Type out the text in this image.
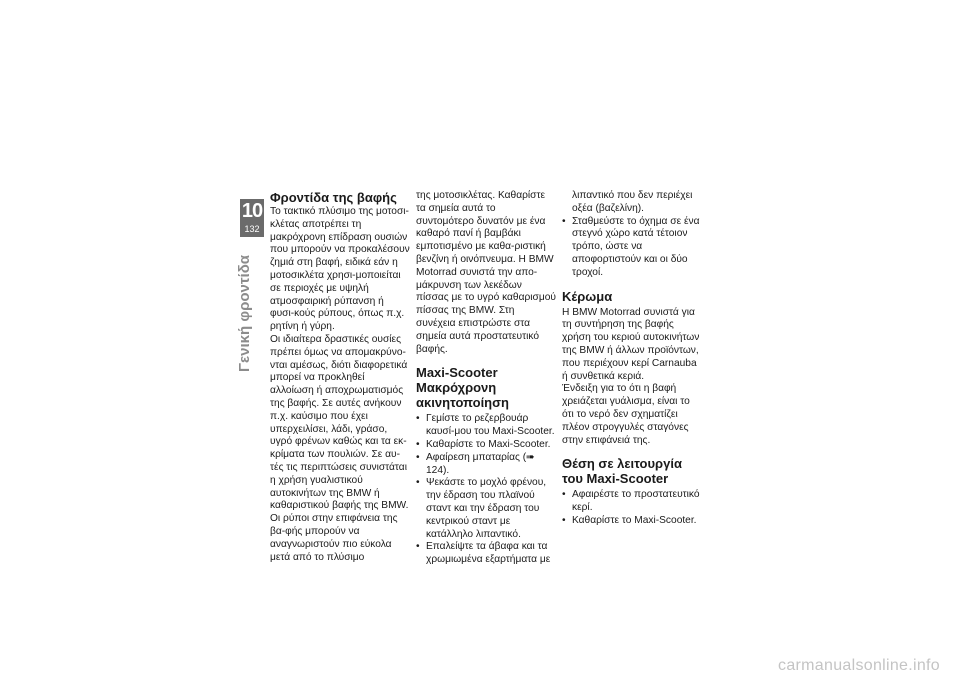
10
132
Γενική φροντίδα
Φροντίδα της βαφής

Το τακτικό πλύσιμο της μοτοσι-κλέτας αποτρέπει τη μακρόχρονη επίδραση ουσιών που μπορούν να προκαλέσουν ζημιά στη βαφή, ειδικά εάν η μοτοσικλέτα χρησι-μοποιείται σε περιοχές με υψηλή ατμοσφαιρική ρύπανση ή φυσι-κούς ρύπους, όπως π.χ. ρητίνη ή γύρη.

Οι ιδιαίτερα δραστικές ουσίες πρέπει όμως να απομακρύνο-νται αμέσως, διότι διαφορετικά μπορεί να προκληθεί αλλοίωση ή αποχρωματισμός της βαφής. Σε αυτές ανήκουν π.χ. καύσιμο που έχει υπερχειλίσει, λάδι, γράσο, υγρό φρένων καθώς και τα εκ-κρίματα των πουλιών. Σε αυ-τές τις περιπτώσεις συνιστάται η χρήση γυαλιστικού αυτοκινήτων της BMW ή καθαριστικού βαφής της BMW.

Οι ρύποι στην επιφάνεια της βα-φής μπορούν να αναγνωριστούν πιο εύκολα μετά από το πλύσιμο

της μοτοσικλέτας. Καθαρίστε τα σημεία αυτά το συντομότερο δυνατόν με ένα καθαρό πανί ή βαμβάκι εμποτισμένο με καθα-ριστική βενζίνη ή οινόπνευμα. Η BMW Motorrad συνιστά την απο-μάκρυνση των λεκέδων πίσσας με το υγρό καθαρισμού πίσσας της BMW. Στη συνέχεια επιστρώστε στα σημεία αυτά προστατευτικό βαφής.

Maxi-Scooter Μακρόχρονη ακινητοποίηση
• Γεμίστε το ρεζερβουάρ καυσί-μου του Maxi-Scooter.
• Καθαρίστε το Maxi-Scooter.
• Αφαίρεση μπαταρίας (➠ 124).
• Ψεκάστε το μοχλό φρένου, την έδραση του πλαϊνού σταντ και την έδραση του κεντρικού σταντ με κατάλληλο λιπαντικό.
• Επαλείψτε τα άβαφα και τα χρωμιωμένα εξαρτήματα με

λιπαντικό που δεν περιέχει οξέα (βαζελίνη).

• Σταθμεύστε το όχημα σε ένα στεγνό χώρο κατά τέτοιον τρόπο, ώστε να αποφορτιστούν και οι δύο τροχοί.
Κέρωμα

Η BMW Motorrad συνιστά για τη συντήρηση της βαφής χρήση του κεριού αυτοκινήτων της BMW ή άλλων προϊόντων, που περιέχουν κερί Carnauba ή συνθετικά κεριά.

Ένδειξη για το ότι η βαφή χρειάζεται γυάλισμα, είναι το ότι το νερό δεν σχηματίζει πλέον στρογγυλές σταγόνες στην επιφάνειά της.

Θέση σε λειτουργία του Maxi-Scooter
• Αφαιρέστε το προστατευτικό κερί.
• Καθαρίστε το Maxi-Scooter.
carmanualsonline.info
